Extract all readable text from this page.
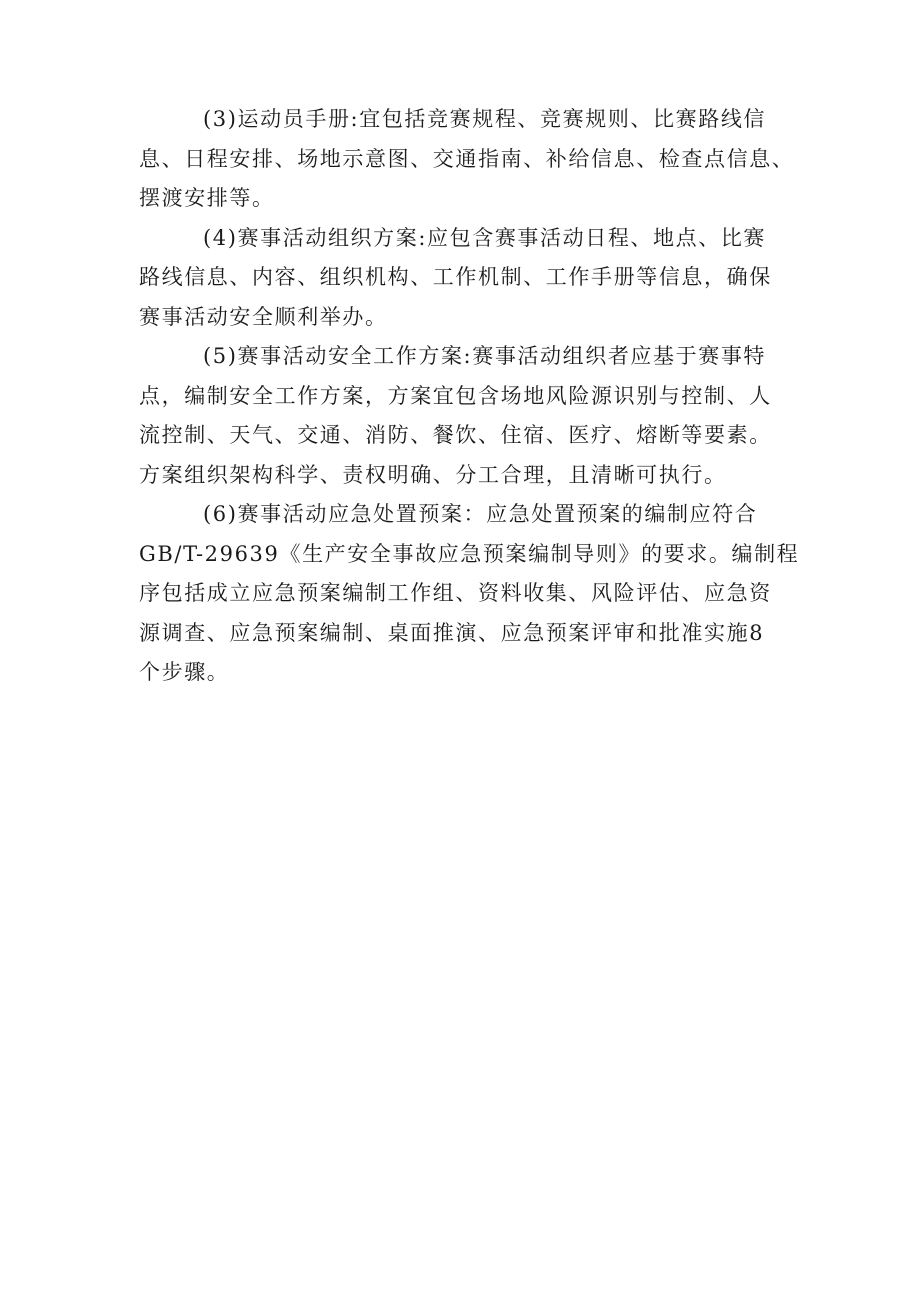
(3)运动员手册:宜包括竞赛规程、竞赛规则、比赛路线信
息、日程安排、场地示意图、交通指南、补给信息、检查点信息、
摆渡安排等。
(4)赛事活动组织方案:应包含赛事活动日程、地点、比赛
路线信息、内容、组织机构、工作机制、工作手册等信息，确保
赛事活动安全顺利举办。
(5)赛事活动安全工作方案:赛事活动组织者应基于赛事特
点，编制安全工作方案，方案宜包含场地风险源识别与控制、人
流控制、天气、交通、消防、餐饮、住宿、医疗、熔断等要素。
方案组织架构科学、责权明确、分工合理，且清晰可执行。
(6)赛事活动应急处置预案：应急处置预案的编制应符合
GB/T-29639《生产安全事故应急预案编制导则》的要求。编制程
序包括成立应急预案编制工作组、资料收集、风险评估、应急资
源调查、应急预案编制、桌面推演、应急预案评审和批准实施8
个步骤。
